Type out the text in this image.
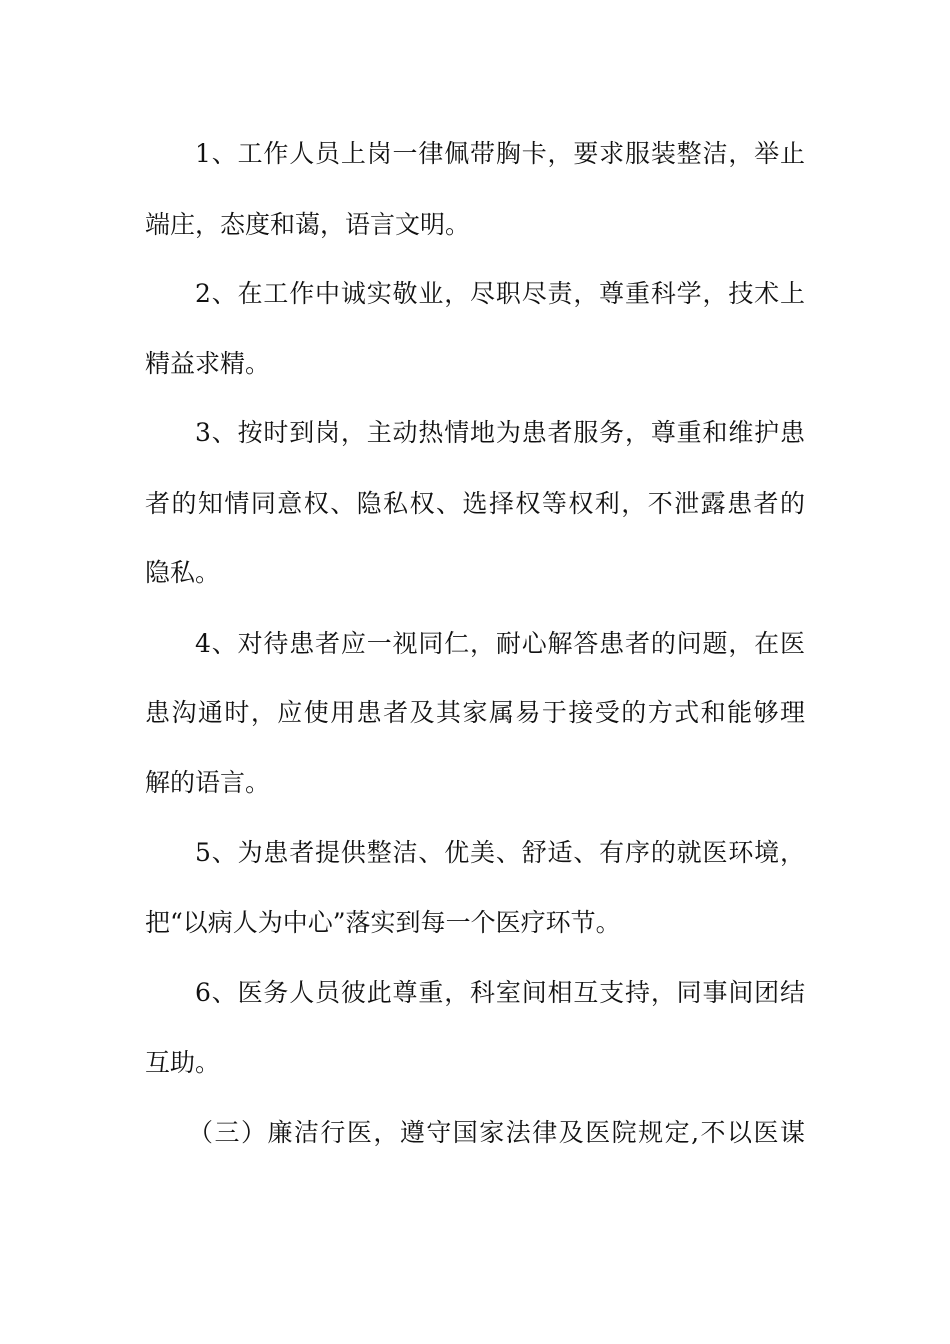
1、工作人员上岗一律佩带胸卡，要求服装整洁，举止
端庄，态度和蔼，语言文明。
2、在工作中诚实敬业，尽职尽责，尊重科学，技术上
精益求精。
3、按时到岗，主动热情地为患者服务，尊重和维护患
者的知情同意权、隐私权、选择权等权利，不泄露患者的
隐私。
4、对待患者应一视同仁，耐心解答患者的问题，在医
患沟通时，应使用患者及其家属易于接受的方式和能够理
解的语言。
5、为患者提供整洁、优美、舒适、有序的就医环境，
把“以病人为中心”落实到每一个医疗环节。
6、医务人员彼此尊重，科室间相互支持，同事间团结
互助。
（三）廉洁行医，遵守国家法律及医院规定,不以医谋
